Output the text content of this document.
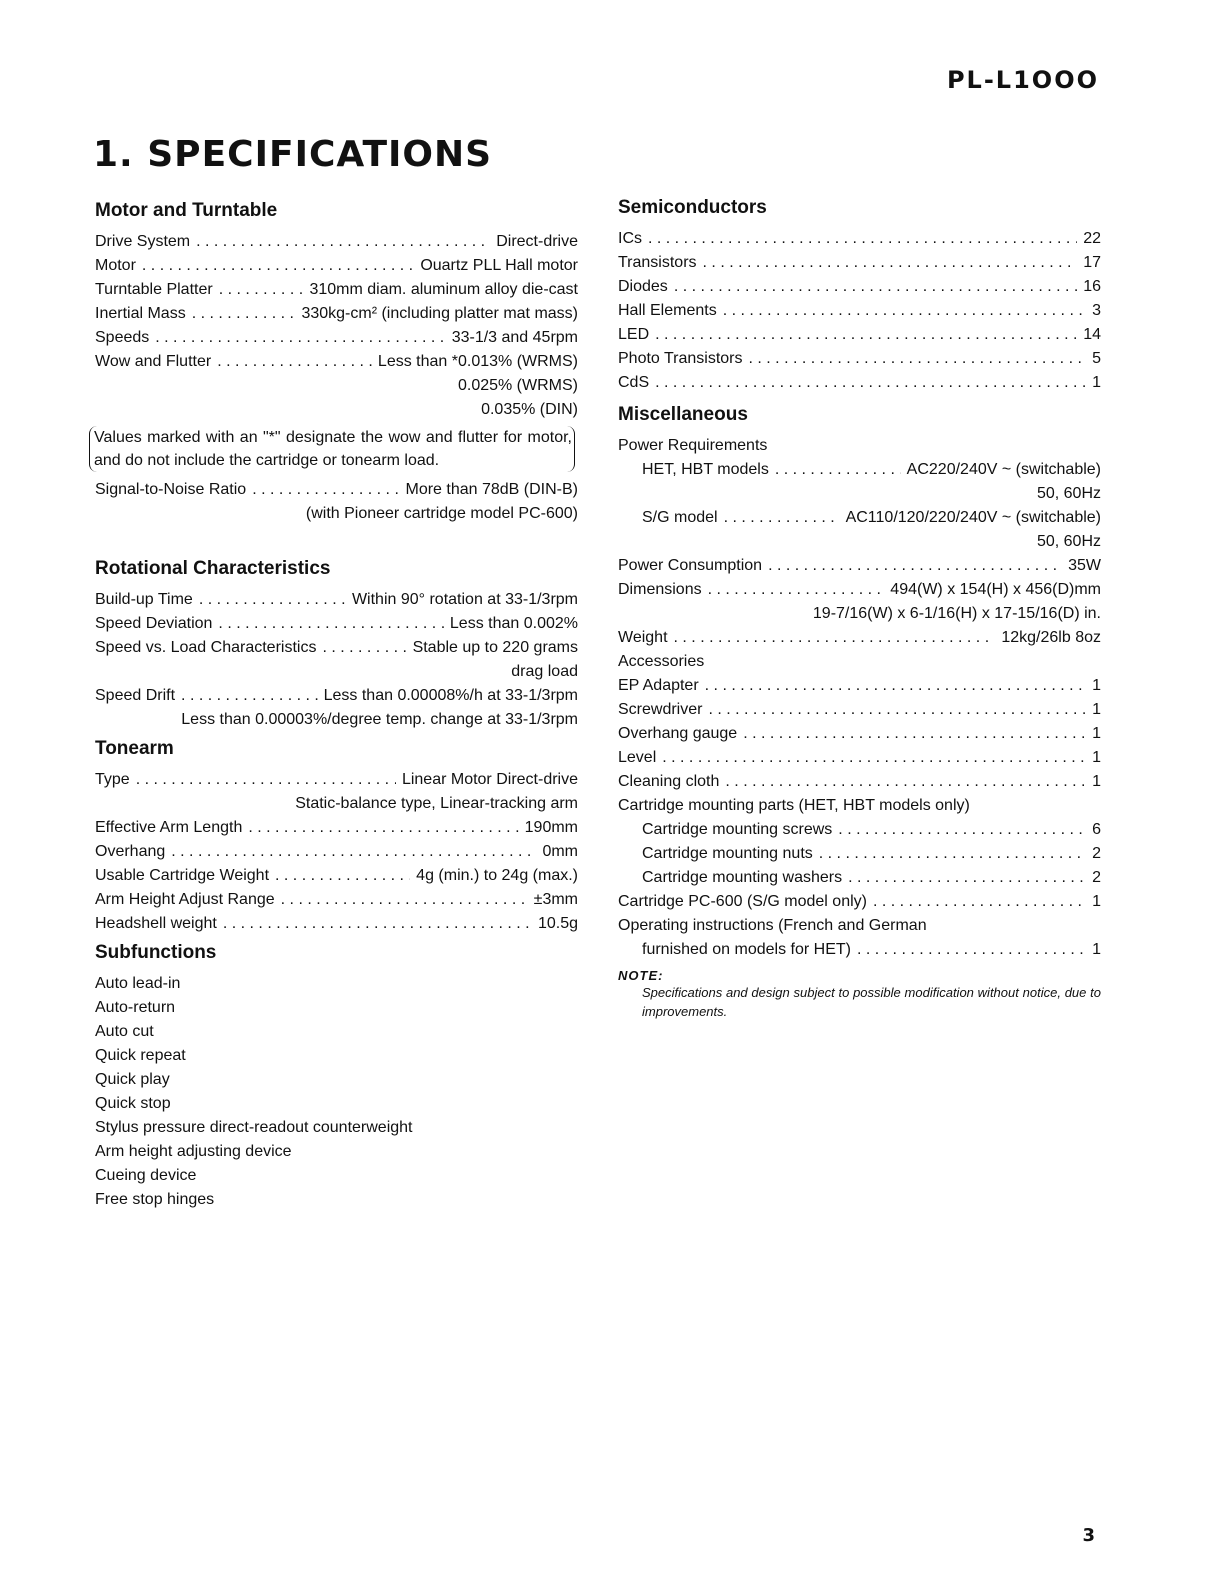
PL-L1OOO
1. SPECIFICATIONS
Motor and Turntable
Drive System . . .	Direct-drive
Motor . . .	Ouartz PLL Hall motor
Turntable Platter . . .	310mm diam. aluminum alloy die-cast
Inertial Mass . . .	330kg-cm² (including platter mat mass)
Speeds . . .	33-1/3 and 45rpm
Wow and Flutter . . .	Less than *0.013% (WRMS)
0.025% (WRMS)
0.035% (DIN)
Values marked with an "*" designate the wow and flutter for motor, and do not include the cartridge or tonearm load.
Signal-to-Noise Ratio . . .	More than 78dB (DIN-B)
(with Pioneer cartridge model PC-600)
Rotational Characteristics
Build-up Time . . .	Within 90° rotation at 33-1/3rpm
Speed Deviation . . .	Less than 0.002%
Speed vs. Load Characteristics . . .	Stable up to 220 grams
drag load
Speed Drift . . .	Less than 0.00008%/h at 33-1/3rpm
Less than 0.00003%/degree temp. change at 33-1/3rpm
Tonearm
Type . . .	Linear Motor Direct-drive
Static-balance type, Linear-tracking arm
Effective Arm Length . . .	190mm
Overhang . . .	0mm
Usable Cartridge Weight . . .	4g (min.) to 24g (max.)
Arm Height Adjust Range . . .	±3mm
Headshell weight . . .	10.5g
Subfunctions
Auto lead-in
Auto-return
Auto cut
Quick repeat
Quick play
Quick stop
Stylus pressure direct-readout counterweight
Arm height adjusting device
Cueing device
Free stop hinges
Semiconductors
ICs . . .	22
Transistors . . .	17
Diodes . . .	16
Hall Elements . . .	3
LED . . .	14
Photo Transistors . . .	5
CdS . . .	1
Miscellaneous
Power Requirements
HET, HBT models . . .	AC220/240V ~ (switchable)
50, 60Hz
S/G model . . .	AC110/120/220/240V ~ (switchable)
50, 60Hz
Power Consumption . . .	35W
Dimensions . . .	494(W) x 154(H) x 456(D)mm
19-7/16(W) x 6-1/16(H) x 17-15/16(D) in.
Weight . . .	12kg/26lb 8oz
Accessories
EP Adapter . . .	1
Screwdriver . . .	1
Overhang gauge . . .	1
Level . . .	1
Cleaning cloth . . .	1
Cartridge mounting parts (HET, HBT models only)
Cartridge mounting screws . . .	6
Cartridge mounting nuts . . .	2
Cartridge mounting washers . . .	2
Cartridge PC-600 (S/G model only) . . .	1
Operating instructions (French and German
furnished on models for HET) . . .	1
NOTE:
Specifications and design subject to possible modification without notice, due to improvements.
3
